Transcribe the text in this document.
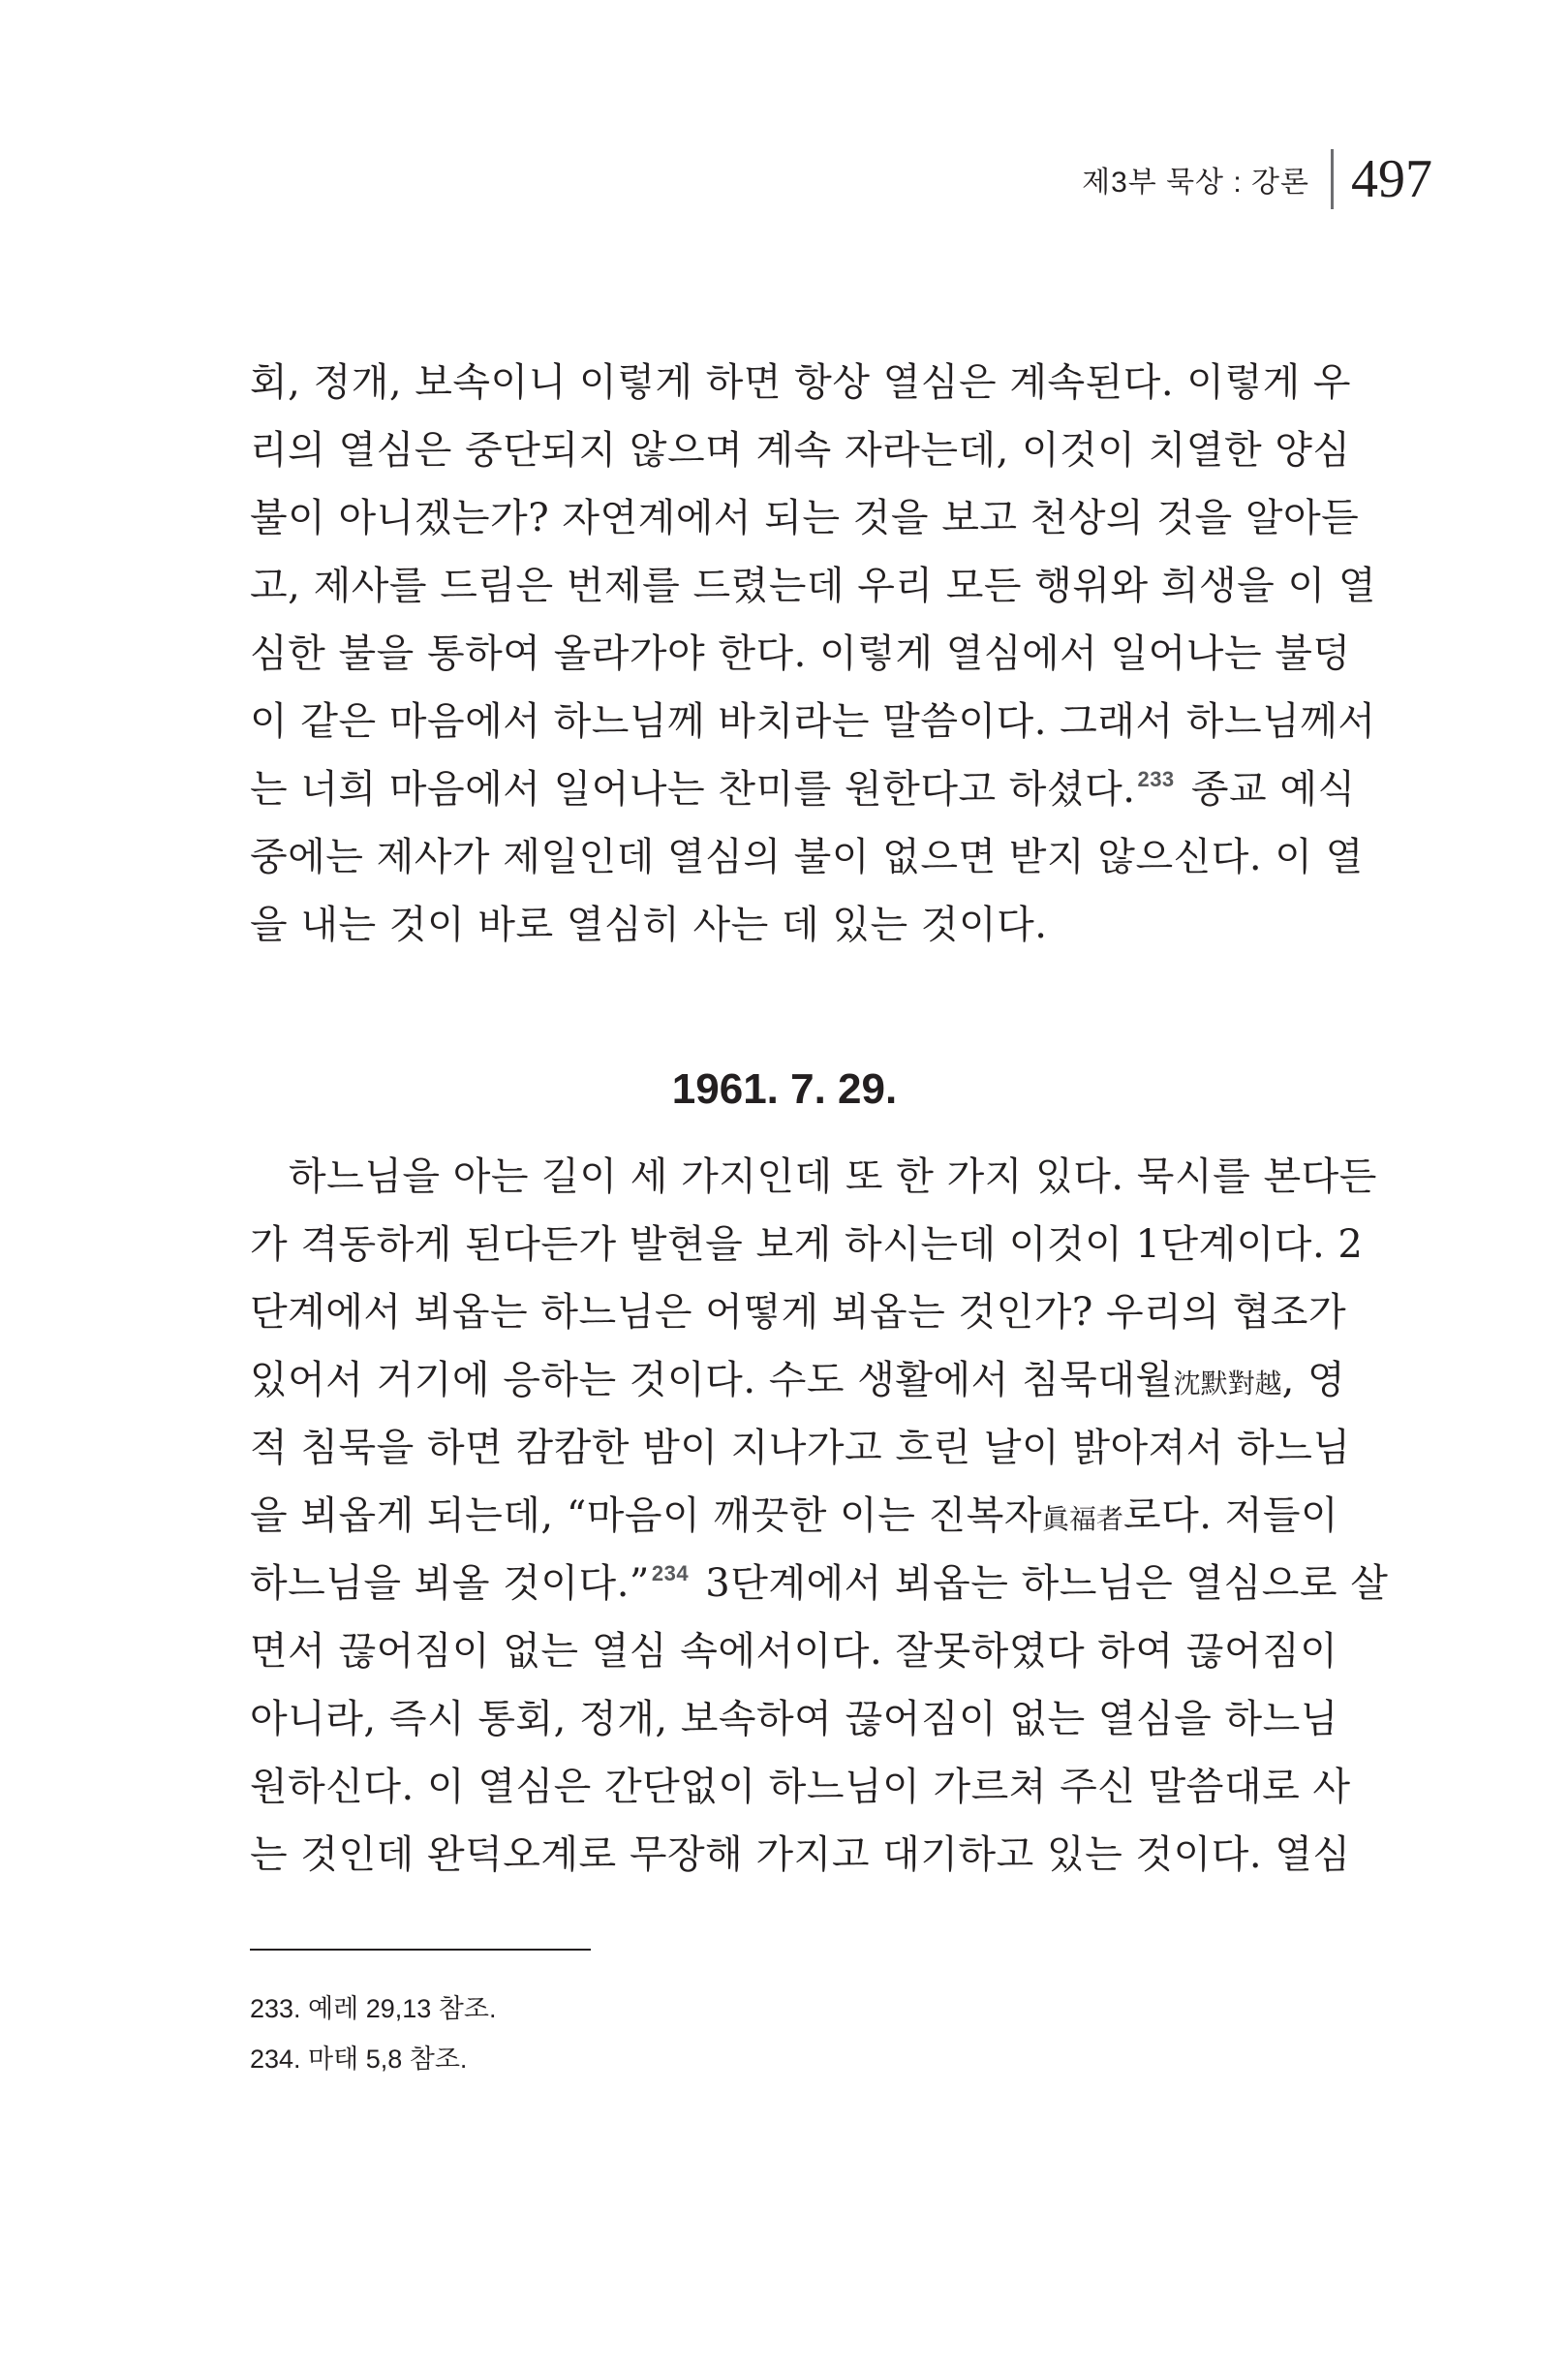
제3부 묵상 : 강론 497
회, 정개, 보속이니 이렇게 하면 항상 열심은 계속된다. 이렇게 우
리의 열심은 중단되지 않으며 계속 자라는데, 이것이 치열한 양심
불이 아니겠는가? 자연계에서 되는 것을 보고 천상의 것을 알아듣
고, 제사를 드림은 번제를 드렸는데 우리 모든 행위와 희생을 이 열
심한 불을 통하여 올라가야 한다. 이렇게 열심에서 일어나는 불덩
이 같은 마음에서 하느님께 바치라는 말씀이다. 그래서 하느님께서
는 너희 마음에서 일어나는 찬미를 원한다고 하셨다.$^{233}$ 종교 예식
중에는 제사가 제일인데 열심의 불이 없으면 받지 않으신다. 이 열
을 내는 것이 바로 열심히 사는 데 있는 것이다.
1961. 7. 29.
하느님을 아는 길이 세 가지인데 또 한 가지 있다. 묵시를 본다든
가 격동하게 된다든가 발현을 보게 하시는데 이것이 1단계이다. 2
단계에서 뵈옵는 하느님은 어떻게 뵈옵는 것인가? 우리의 협조가
있어서 거기에 응하는 것이다. 수도 생활에서 침묵대월沈默對越, 영
적 침묵을 하면 캄캄한 밤이 지나가고 흐린 날이 밝아져서 하느님
을 뵈옵게 되는데, “마음이 깨끗한 이는 진복자眞福者로다. 저들이
하느님을 뵈올 것이다.”$^{234}$ 3단계에서 뵈옵는 하느님은 열심으로 살
면서 끊어짐이 없는 열심 속에서이다. 잘못하였다 하여 끊어짐이
아니라, 즉시 통회, 정개, 보속하여 끊어짐이 없는 열심을 하느님
원하신다. 이 열심은 간단없이 하느님이 가르쳐 주신 말씀대로 사
는 것인데 완덕오계로 무장해 가지고 대기하고 있는 것이다. 열심
233. 예레 29,13 참조.
234. 마태 5,8 참조.
